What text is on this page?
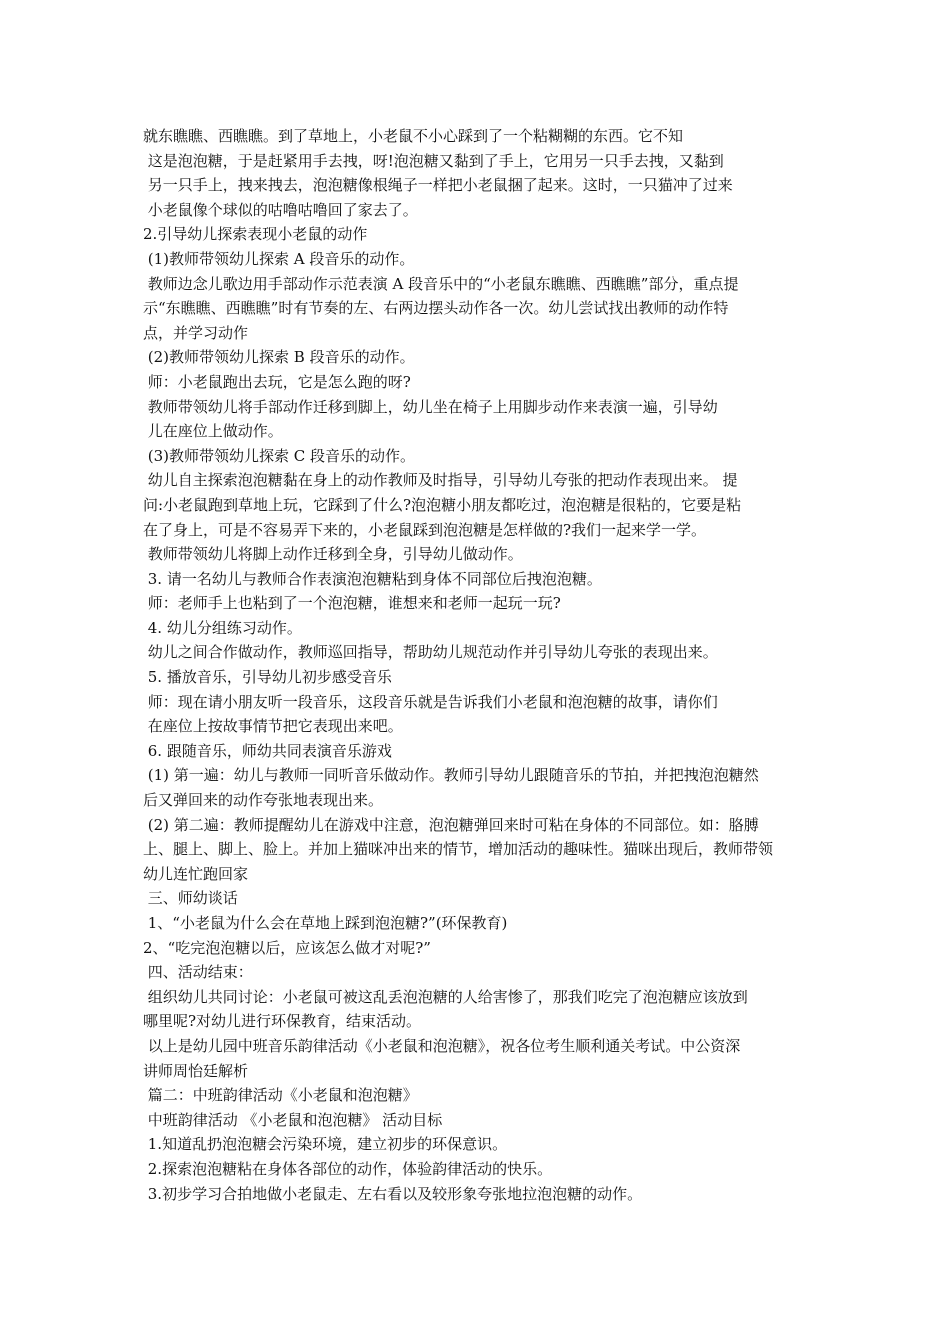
就东瞧瞧、西瞧瞧。到了草地上，小老鼠不小心踩到了一个粘糊糊的东西。它不知
这是泡泡糖，于是赶紧用手去拽，呀!泡泡糖又黏到了手上，它用另一只手去拽，又黏到
另一只手上，拽来拽去，泡泡糖像根绳子一样把小老鼠捆了起来。这时，一只猫冲了过来
小老鼠像个球似的咕噜咕噜回了家去了。
2.引导幼儿探索表现小老鼠的动作
(1)教师带领幼儿探索 A 段音乐的动作。
教师边念儿歌边用手部动作示范表演 A 段音乐中的“小老鼠东瞧瞧、西瞧瞧”部分，重点提
示“东瞧瞧、西瞧瞧”时有节奏的左、右两边摆头动作各一次。幼儿尝试找出教师的动作特
点，并学习动作
(2)教师带领幼儿探索 B 段音乐的动作。
师：小老鼠跑出去玩，它是怎么跑的呀?
教师带领幼儿将手部动作迁移到脚上，幼儿坐在椅子上用脚步动作来表演一遍，引导幼
儿在座位上做动作。
(3)教师带领幼儿探索 C 段音乐的动作。
幼儿自主探索泡泡糖黏在身上的动作教师及时指导，引导幼儿夸张的把动作表现出来。 提
问:小老鼠跑到草地上玩，它踩到了什么?泡泡糖小朋友都吃过，泡泡糖是很粘的，它要是粘
在了身上，可是不容易弄下来的，小老鼠踩到泡泡糖是怎样做的?我们一起来学一学。
教师带领幼儿将脚上动作迁移到全身，引导幼儿做动作。
3. 请一名幼儿与教师合作表演泡泡糖粘到身体不同部位后拽泡泡糖。
师：老师手上也粘到了一个泡泡糖，谁想来和老师一起玩一玩?
4. 幼儿分组练习动作。
幼儿之间合作做动作，教师巡回指导，帮助幼儿规范动作并引导幼儿夸张的表现出来。
5. 播放音乐，引导幼儿初步感受音乐
师：现在请小朋友听一段音乐，这段音乐就是告诉我们小老鼠和泡泡糖的故事，请你们
在座位上按故事情节把它表现出来吧。
6. 跟随音乐，师幼共同表演音乐游戏
(1) 第一遍：幼儿与教师一同听音乐做动作。教师引导幼儿跟随音乐的节拍，并把拽泡泡糖然
后又弹回来的动作夸张地表现出来。
(2) 第二遍：教师提醒幼儿在游戏中注意，泡泡糖弹回来时可粘在身体的不同部位。如：胳膊
上、腿上、脚上、脸上。并加上猫咪冲出来的情节，增加活动的趣味性。猫咪出现后，教师带领
幼儿连忙跑回家
三、师幼谈话
1、“小老鼠为什么会在草地上踩到泡泡糖?”(环保教育)
2、“吃完泡泡糖以后，应该怎么做才对呢?”
四、活动结束：
组织幼儿共同讨论：小老鼠可被这乱丢泡泡糖的人给害惨了，那我们吃完了泡泡糖应该放到
哪里呢?对幼儿进行环保教育，结束活动。
以上是幼儿园中班音乐韵律活动《小老鼠和泡泡糖》，祝各位考生顺利通关考试。中公资深
讲师周怡廷解析
篇二：中班韵律活动《小老鼠和泡泡糖》
中班韵律活动 《小老鼠和泡泡糖》 活动目标
1.知道乱扔泡泡糖会污染环境，建立初步的环保意识。
2.探索泡泡糖粘在身体各部位的动作，体验韵律活动的快乐。
3.初步学习合拍地做小老鼠走、左右看以及较形象夸张地拉泡泡糖的动作。
